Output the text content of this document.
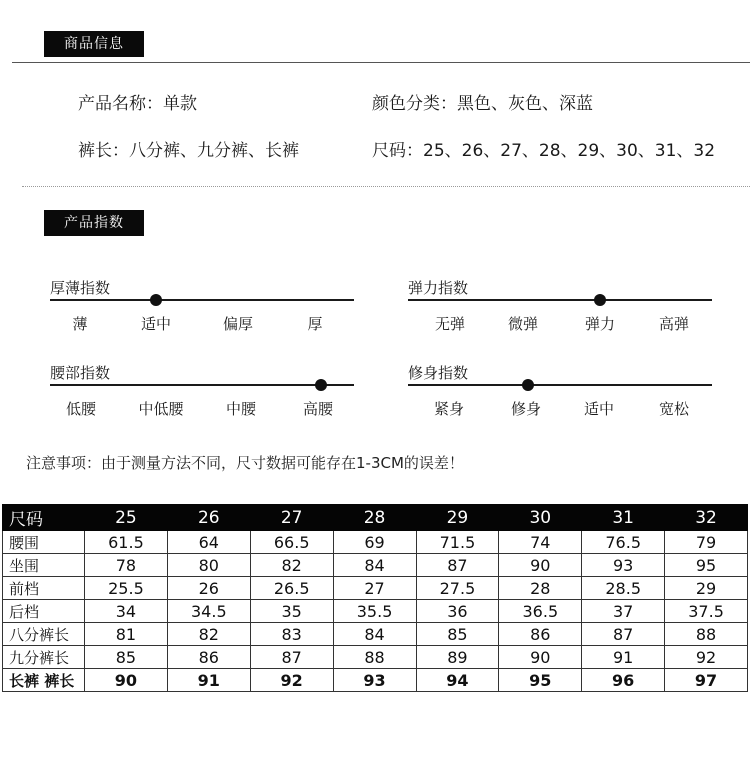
商品信息
产品名称：单款	颜色分类：黑色、灰色、深蓝
裤长：八分裤、九分裤、长裤	尺码：25、26、27、28、29、30、31、32
产品指数
厚薄指数
薄	适中	偏厚	厚
弹力指数
无弹	微弹	弹力	高弹
腰部指数
低腰	中低腰	中腰	高腰
修身指数
紧身	修身	适中	宽松
注意事项：由于测量方法不同，尺寸数据可能存在1-3CM的误差！
尺码	25	26	27	28	29	30	31	32
腰围	61.5	64	66.5	69	71.5	74	76.5	79
坐围	78	80	82	84	87	90	93	95
前档	25.5	26	26.5	27	27.5	28	28.5	29
后档	34	34.5	35	35.5	36	36.5	37	37.5
八分裤长	81	82	83	84	85	86	87	88
九分裤长	85	86	87	88	89	90	91	92
长裤 裤长	90	91	92	93	94	95	96	97
